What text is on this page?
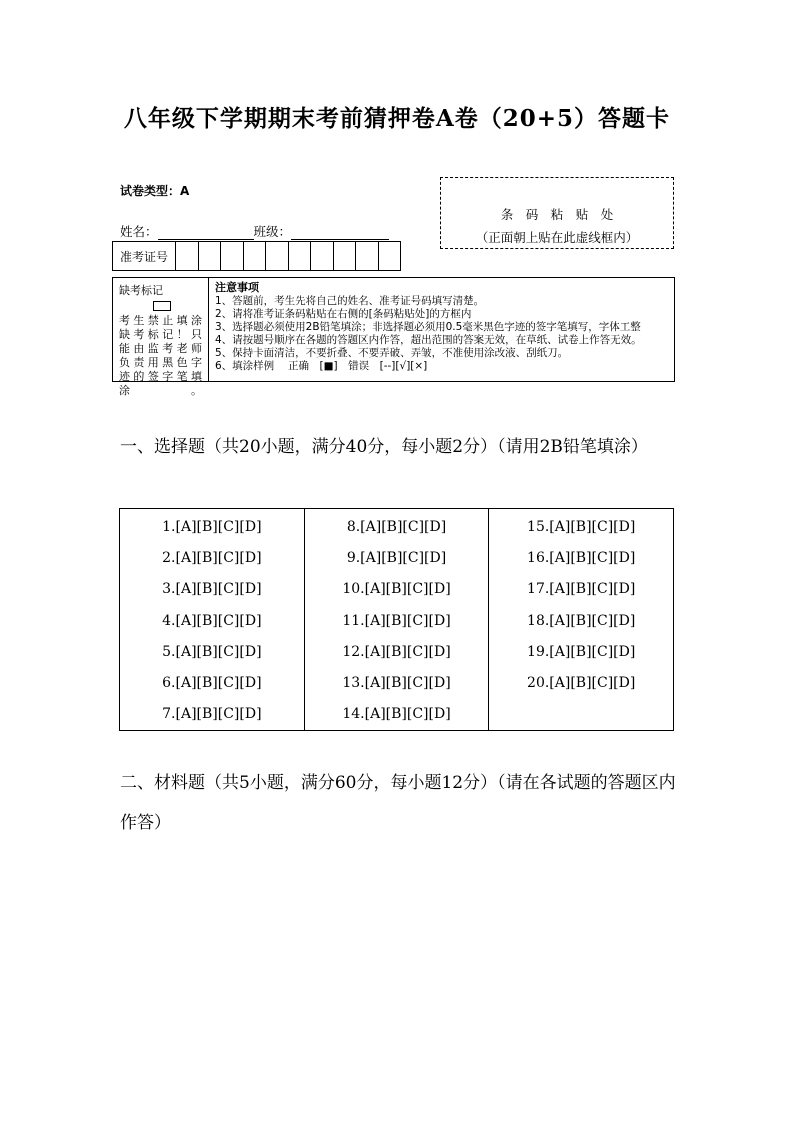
八年级下学期期末考前猜押卷A卷（20+5）答题卡
试卷类型：A
姓名：	班级：
条　码　粘　贴　处
（正面朝上贴在此虚线框内）
准考证号
缺考标记
考生禁止填涂缺考标记！只能由监考老师负责用黑色字迹的签字笔填涂。
注意事项
1、答题前，考生先将自己的姓名、准考证号码填写清楚。
2、请将准考证条码粘贴在右侧的[条码粘贴处]的方框内
3、选择题必须使用2B铅笔填涂；非选择题必须用0.5毫米黑色字迹的签字笔填写，字体工整
4、请按题号顺序在各题的答题区内作答，超出范围的答案无效，在草纸、试卷上作答无效。
5、保持卡面清洁，不要折叠、不要弄破、弄皱，不准使用涂改液、刮纸刀。
6、填涂样例　 正确　[■]　错误　[--][√][×]
一、选择题（共20小题，满分40分，每小题2分）（请用2B铅笔填涂）
1.[A][B][C][D]
2.[A][B][C][D]
3.[A][B][C][D]
4.[A][B][C][D]
5.[A][B][C][D]
6.[A][B][C][D]
7.[A][B][C][D]
8.[A][B][C][D]
9.[A][B][C][D]
10.[A][B][C][D]
11.[A][B][C][D]
12.[A][B][C][D]
13.[A][B][C][D]
14.[A][B][C][D]
15.[A][B][C][D]
16.[A][B][C][D]
17.[A][B][C][D]
18.[A][B][C][D]
19.[A][B][C][D]
20.[A][B][C][D]
二、材料题（共5小题，满分60分，每小题12分）（请在各试题的答题区内作答）
